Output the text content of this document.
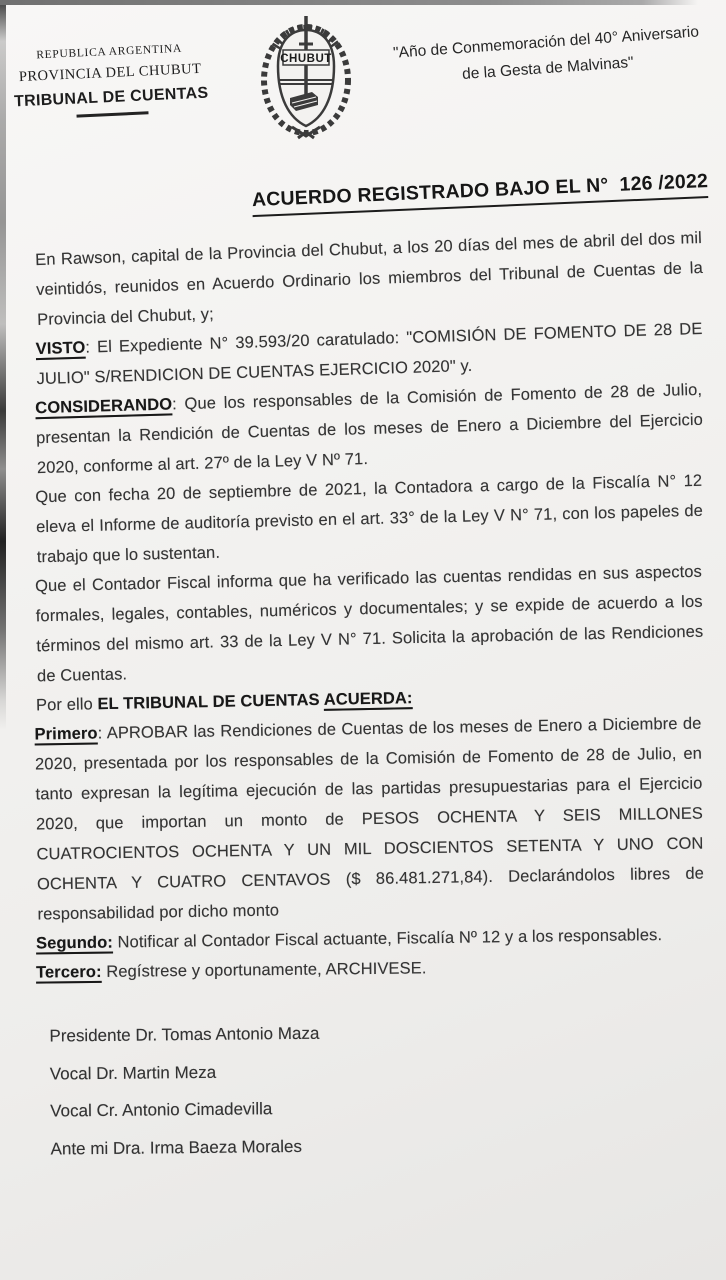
REPUBLICA ARGENTINA
PROVINCIA DEL CHUBUT
TRIBUNAL DE CUENTAS
CHUBUT	"Año de Conmemoración del 40° Aniversario
de la Gesta de Malvinas"
ACUERDO REGISTRADO BAJO EL N°  126 /2022

En Rawson, capital de la Provincia del Chubut, a los 20 días del mes de abril del dos mil veintidós, reunidos en Acuerdo Ordinario los miembros del Tribunal de Cuentas de la Provincia del Chubut, y;

VISTO: El Expediente N° 39.593/20 caratulado: "COMISIÓN DE FOMENTO DE 28 DE JULIO" S/RENDICION DE CUENTAS EJERCICIO 2020" y.

CONSIDERANDO: Que los responsables de la Comisión de Fomento de 28 de Julio, presentan la Rendición de Cuentas de los meses de Enero a Diciembre del Ejercicio 2020, conforme al art. 27º de la Ley V Nº 71.

Que con fecha 20 de septiembre de 2021, la Contadora a cargo de la Fiscalía N° 12 eleva el Informe de auditoría previsto en el art. 33° de la Ley V N° 71, con los papeles de trabajo que lo sustentan.

Que el Contador Fiscal informa que ha verificado las cuentas rendidas en sus aspectos formales, legales, contables, numéricos y documentales; y se expide de acuerdo a los términos del mismo art. 33 de la Ley V N° 71. Solicita la aprobación de las Rendiciones de Cuentas.

Por ello EL TRIBUNAL DE CUENTAS ACUERDA:

Primero: APROBAR las Rendiciones de Cuentas de los meses de Enero a Diciembre de 2020, presentada por los responsables de la Comisión de Fomento de 28 de Julio, en tanto expresan la legítima ejecución de las partidas presupuestarias para el Ejercicio 2020, que importan un monto de PESOS OCHENTA Y SEIS MILLONES CUATROCIENTOS OCHENTA Y UN MIL DOSCIENTOS SETENTA Y UNO CON OCHENTA Y CUATRO CENTAVOS ($ 86.481.271,84). Declarándolos libres de responsabilidad por dicho monto

Segundo: Notificar al Contador Fiscal actuante, Fiscalía Nº 12 y a los responsables.

Tercero: Regístrese y oportunamente, ARCHIVESE.

Presidente Dr. Tomas Antonio Maza
Vocal Dr. Martin Meza
Vocal Cr. Antonio Cimadevilla
Ante mi Dra. Irma Baeza Morales
